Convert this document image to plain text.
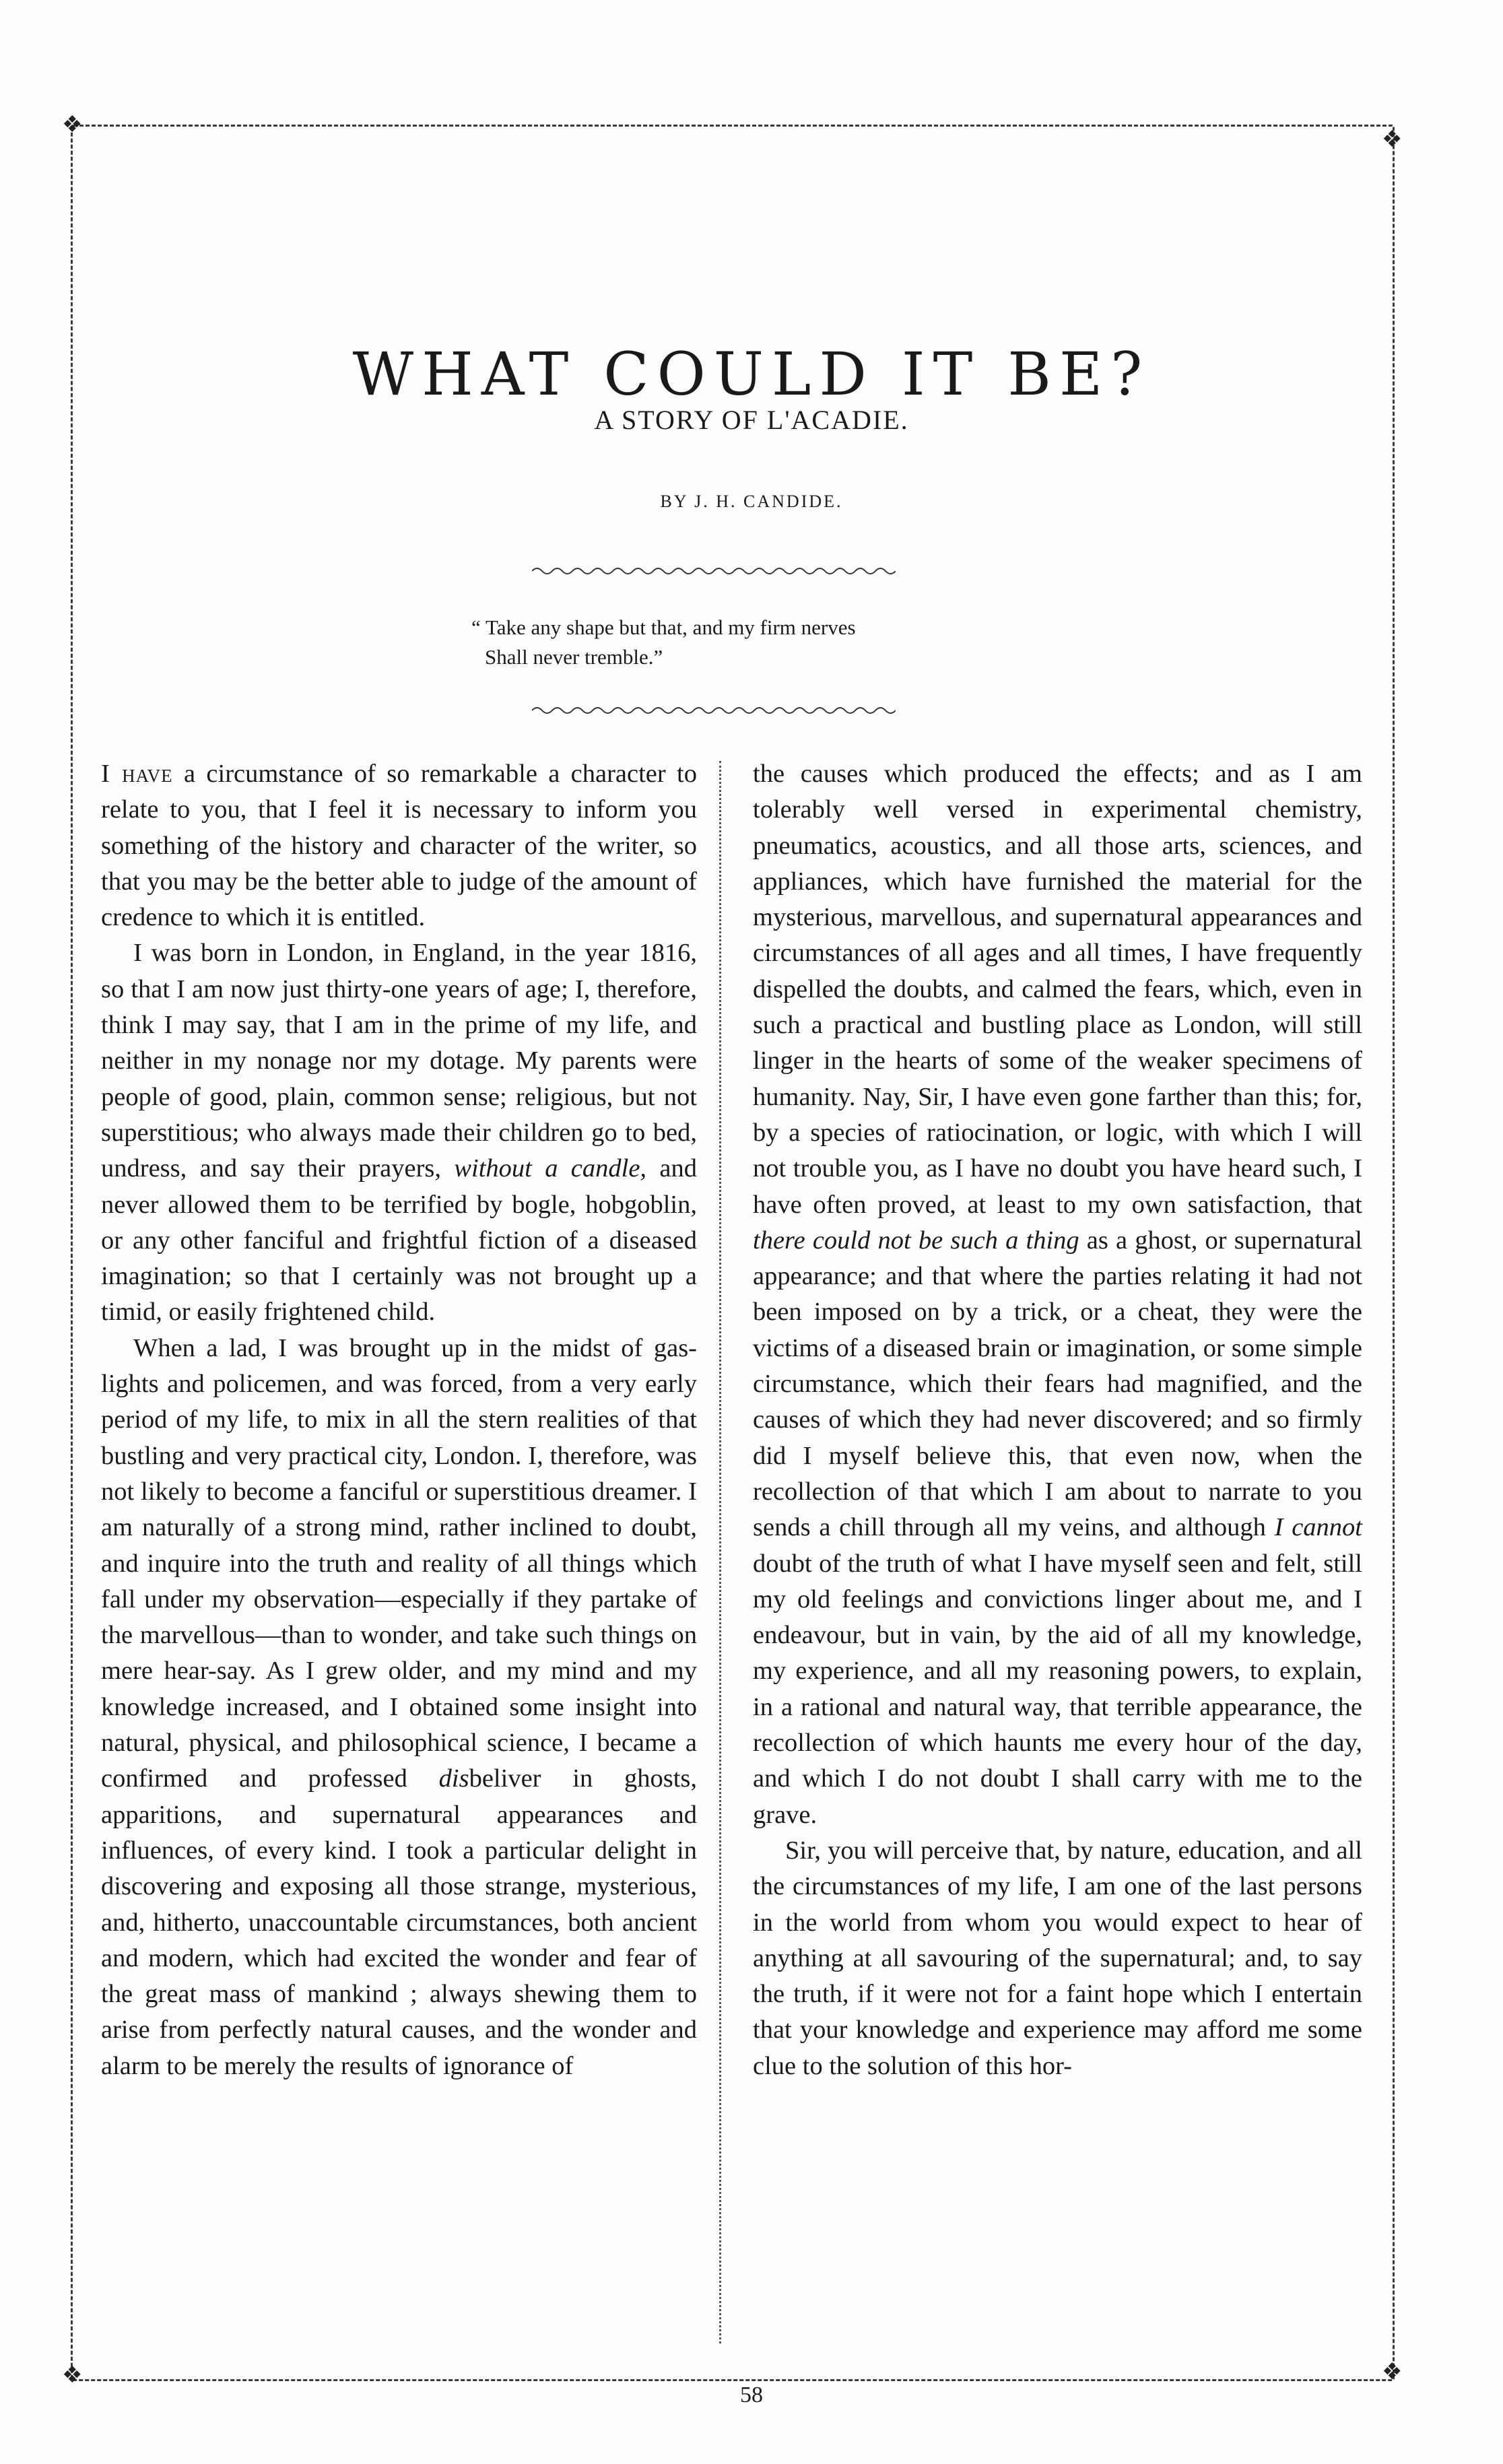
❖
❖
❖	❖
WHAT COULD IT BE?
A STORY OF L'ACADIE.
BY J. H. CANDIDE.
“ Take any shape but that, and my firm nerves
Shall never tremble.”

I have a circumstance of so remarkable a character to relate to you, that I feel it is necessary to inform you something of the history and character of the writer, so that you may be the better able to judge of the amount of credence to which it is entitled.

I was born in London, in England, in the year 1816, so that I am now just thirty-one years of age; I, therefore, think I may say, that I am in the prime of my life, and neither in my nonage nor my dotage. My parents were people of good, plain, common sense; religious, but not superstitious; who always made their children go to bed, undress, and say their prayers, without a candle, and never allowed them to be terrified by bogle, hobgoblin, or any other fanciful and frightful fiction of a diseased imagination; so that I certainly was not brought up a timid, or easily frightened child.

When a lad, I was brought up in the midst of gas-lights and policemen, and was forced, from a very early period of my life, to mix in all the stern realities of that bustling and very practical city, London. I, therefore, was not likely to become a fanciful or superstitious dreamer. I am naturally of a strong mind, rather inclined to doubt, and inquire into the truth and reality of all things which fall under my observation—especially if they partake of the marvellous—than to wonder, and take such things on mere hear-say. As I grew older, and my mind and my knowledge increased, and I obtained some insight into natural, physical, and philosophical science, I became a confirmed and professed disbeliver in ghosts, apparitions, and supernatural appearances and influences, of every kind. I took a particular delight in discovering and exposing all those strange, mysterious, and, hitherto, unaccountable circumstances, both ancient and modern, which had excited the wonder and fear of the great mass of mankind ; always shewing them to arise from perfectly natural causes, and the wonder and alarm to be merely the results of ignorance of

the causes which produced the effects; and as I am tolerably well versed in experimental chemistry, pneumatics, acoustics, and all those arts, sciences, and appliances, which have furnished the material for the mysterious, marvellous, and supernatural appearances and circumstances of all ages and all times, I have frequently dispelled the doubts, and calmed the fears, which, even in such a practical and bustling place as London, will still linger in the hearts of some of the weaker specimens of humanity. Nay, Sir, I have even gone farther than this; for, by a species of ratiocination, or logic, with which I will not trouble you, as I have no doubt you have heard such, I have often proved, at least to my own satisfaction, that there could not be such a thing as a ghost, or supernatural appearance; and that where the parties relating it had not been imposed on by a trick, or a cheat, they were the victims of a diseased brain or imagination, or some simple circumstance, which their fears had magnified, and the causes of which they had never discovered; and so firmly did I myself believe this, that even now, when the recollection of that which I am about to narrate to you sends a chill through all my veins, and although I cannot doubt of the truth of what I have myself seen and felt, still my old feelings and convictions linger about me, and I endeavour, but in vain, by the aid of all my knowledge, my experience, and all my reasoning powers, to explain, in a rational and natural way, that terrible appearance, the recollection of which haunts me every hour of the day, and which I do not doubt I shall carry with me to the grave.

Sir, you will perceive that, by nature, education, and all the circumstances of my life, I am one of the last persons in the world from whom you would expect to hear of anything at all savouring of the supernatural; and, to say the truth, if it were not for a faint hope which I entertain that your knowledge and experience may afford me some clue to the solution of this hor-

58
